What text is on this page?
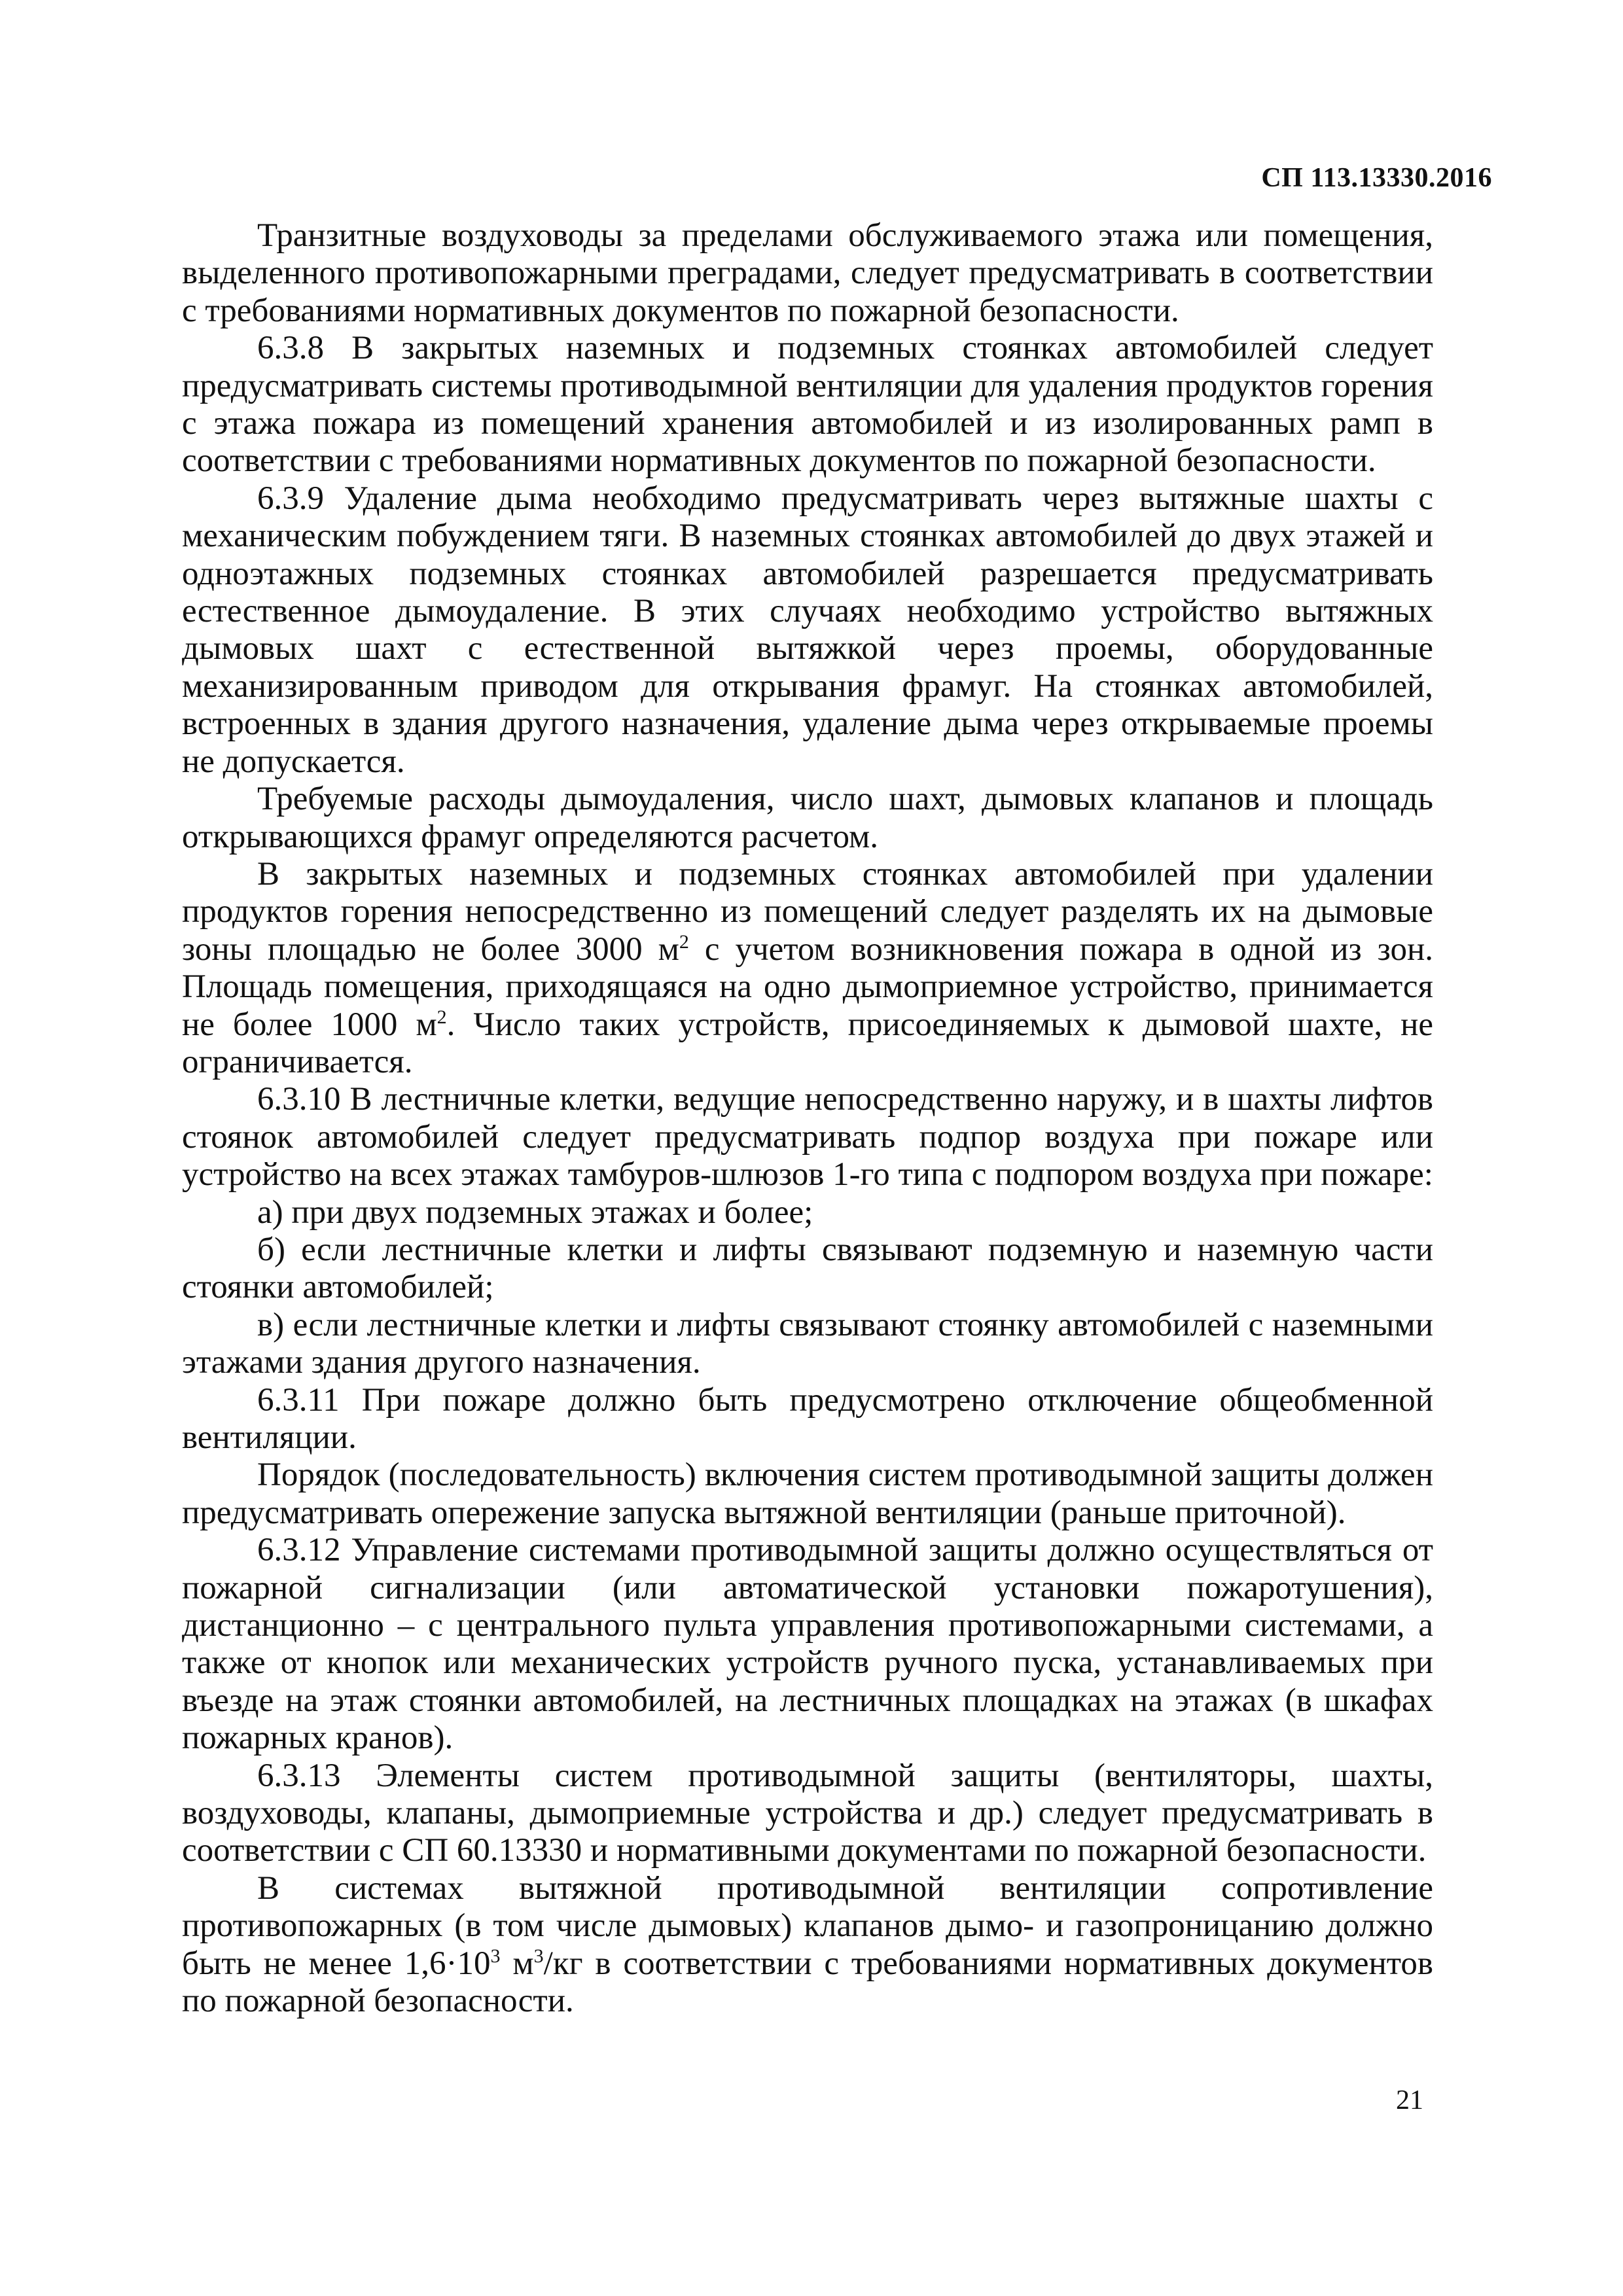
СП 113.13330.2016

Транзитные воздуховоды за пределами обслуживаемого этажа или помещения, выделенного противопожарными преградами, следует предусматривать в соответствии с требованиями нормативных документов по пожарной безопасности.

6.3.8 В закрытых наземных и подземных стоянках автомобилей следует предусматривать системы противодымной вентиляции для удаления продуктов горения с этажа пожара из помещений хранения автомобилей и из изолированных рамп в соответствии с требованиями нормативных документов по пожарной безопасности.

6.3.9 Удаление дыма необходимо предусматривать через вытяжные шахты с механическим побуждением тяги. В наземных стоянках автомобилей до двух этажей и одноэтажных подземных стоянках автомобилей разрешается предусматривать естественное дымоудаление. В этих случаях необходимо устройство вытяжных дымовых шахт с естественной вытяжкой через проемы, оборудованные механизированным приводом для открывания фрамуг. На стоянках автомобилей, встроенных в здания другого назначения, удаление дыма через открываемые проемы не допускается.

Требуемые расходы дымоудаления, число шахт, дымовых клапанов и площадь открывающихся фрамуг определяются расчетом.

В закрытых наземных и подземных стоянках автомобилей при удалении продуктов горения непосредственно из помещений следует разделять их на дымовые зоны площадью не более 3000 $м^2$ с учетом возникновения пожара в одной из зон. Площадь помещения, приходящаяся на одно дымоприемное устройство, принимается не более 1000 $м^2$. Число таких устройств, присоединяемых к дымовой шахте, не ограничивается.

6.3.10 В лестничные клетки, ведущие непосредственно наружу, и в шахты лифтов стоянок автомобилей следует предусматривать подпор воздуха при пожаре или устройство на всех этажах тамбуров-шлюзов 1-го типа с подпором воздуха при пожаре:

а) при двух подземных этажах и более;

б) если лестничные клетки и лифты связывают подземную и наземную части стоянки автомобилей;

в) если лестничные клетки и лифты связывают стоянку автомобилей с наземными этажами здания другого назначения.

6.3.11 При пожаре должно быть предусмотрено отключение общеобменной вентиляции.

Порядок (последовательность) включения систем противодымной защиты должен предусматривать опережение запуска вытяжной вентиляции (раньше приточной).

6.3.12 Управление системами противодымной защиты должно осуществляться от пожарной сигнализации (или автоматической установки пожаротушения), дистанционно – с центрального пульта управления противопожарными системами, а также от кнопок или механических устройств ручного пуска, устанавливаемых при въезде на этаж стоянки автомобилей, на лестничных площадках на этажах (в шкафах пожарных кранов).

6.3.13 Элементы систем противодымной защиты (вентиляторы, шахты, воздуховоды, клапаны, дымоприемные устройства и др.) следует предусматривать в соответствии с СП 60.13330 и нормативными документами по пожарной безопасности.

В системах вытяжной противодымной вентиляции сопротивление противопожарных (в том числе дымовых) клапанов дымо- и газопроницанию должно быть не менее $1,6\cdot 10^3$ $м^3/кг$ в соответствии с требованиями нормативных документов по пожарной безопасности.

21
